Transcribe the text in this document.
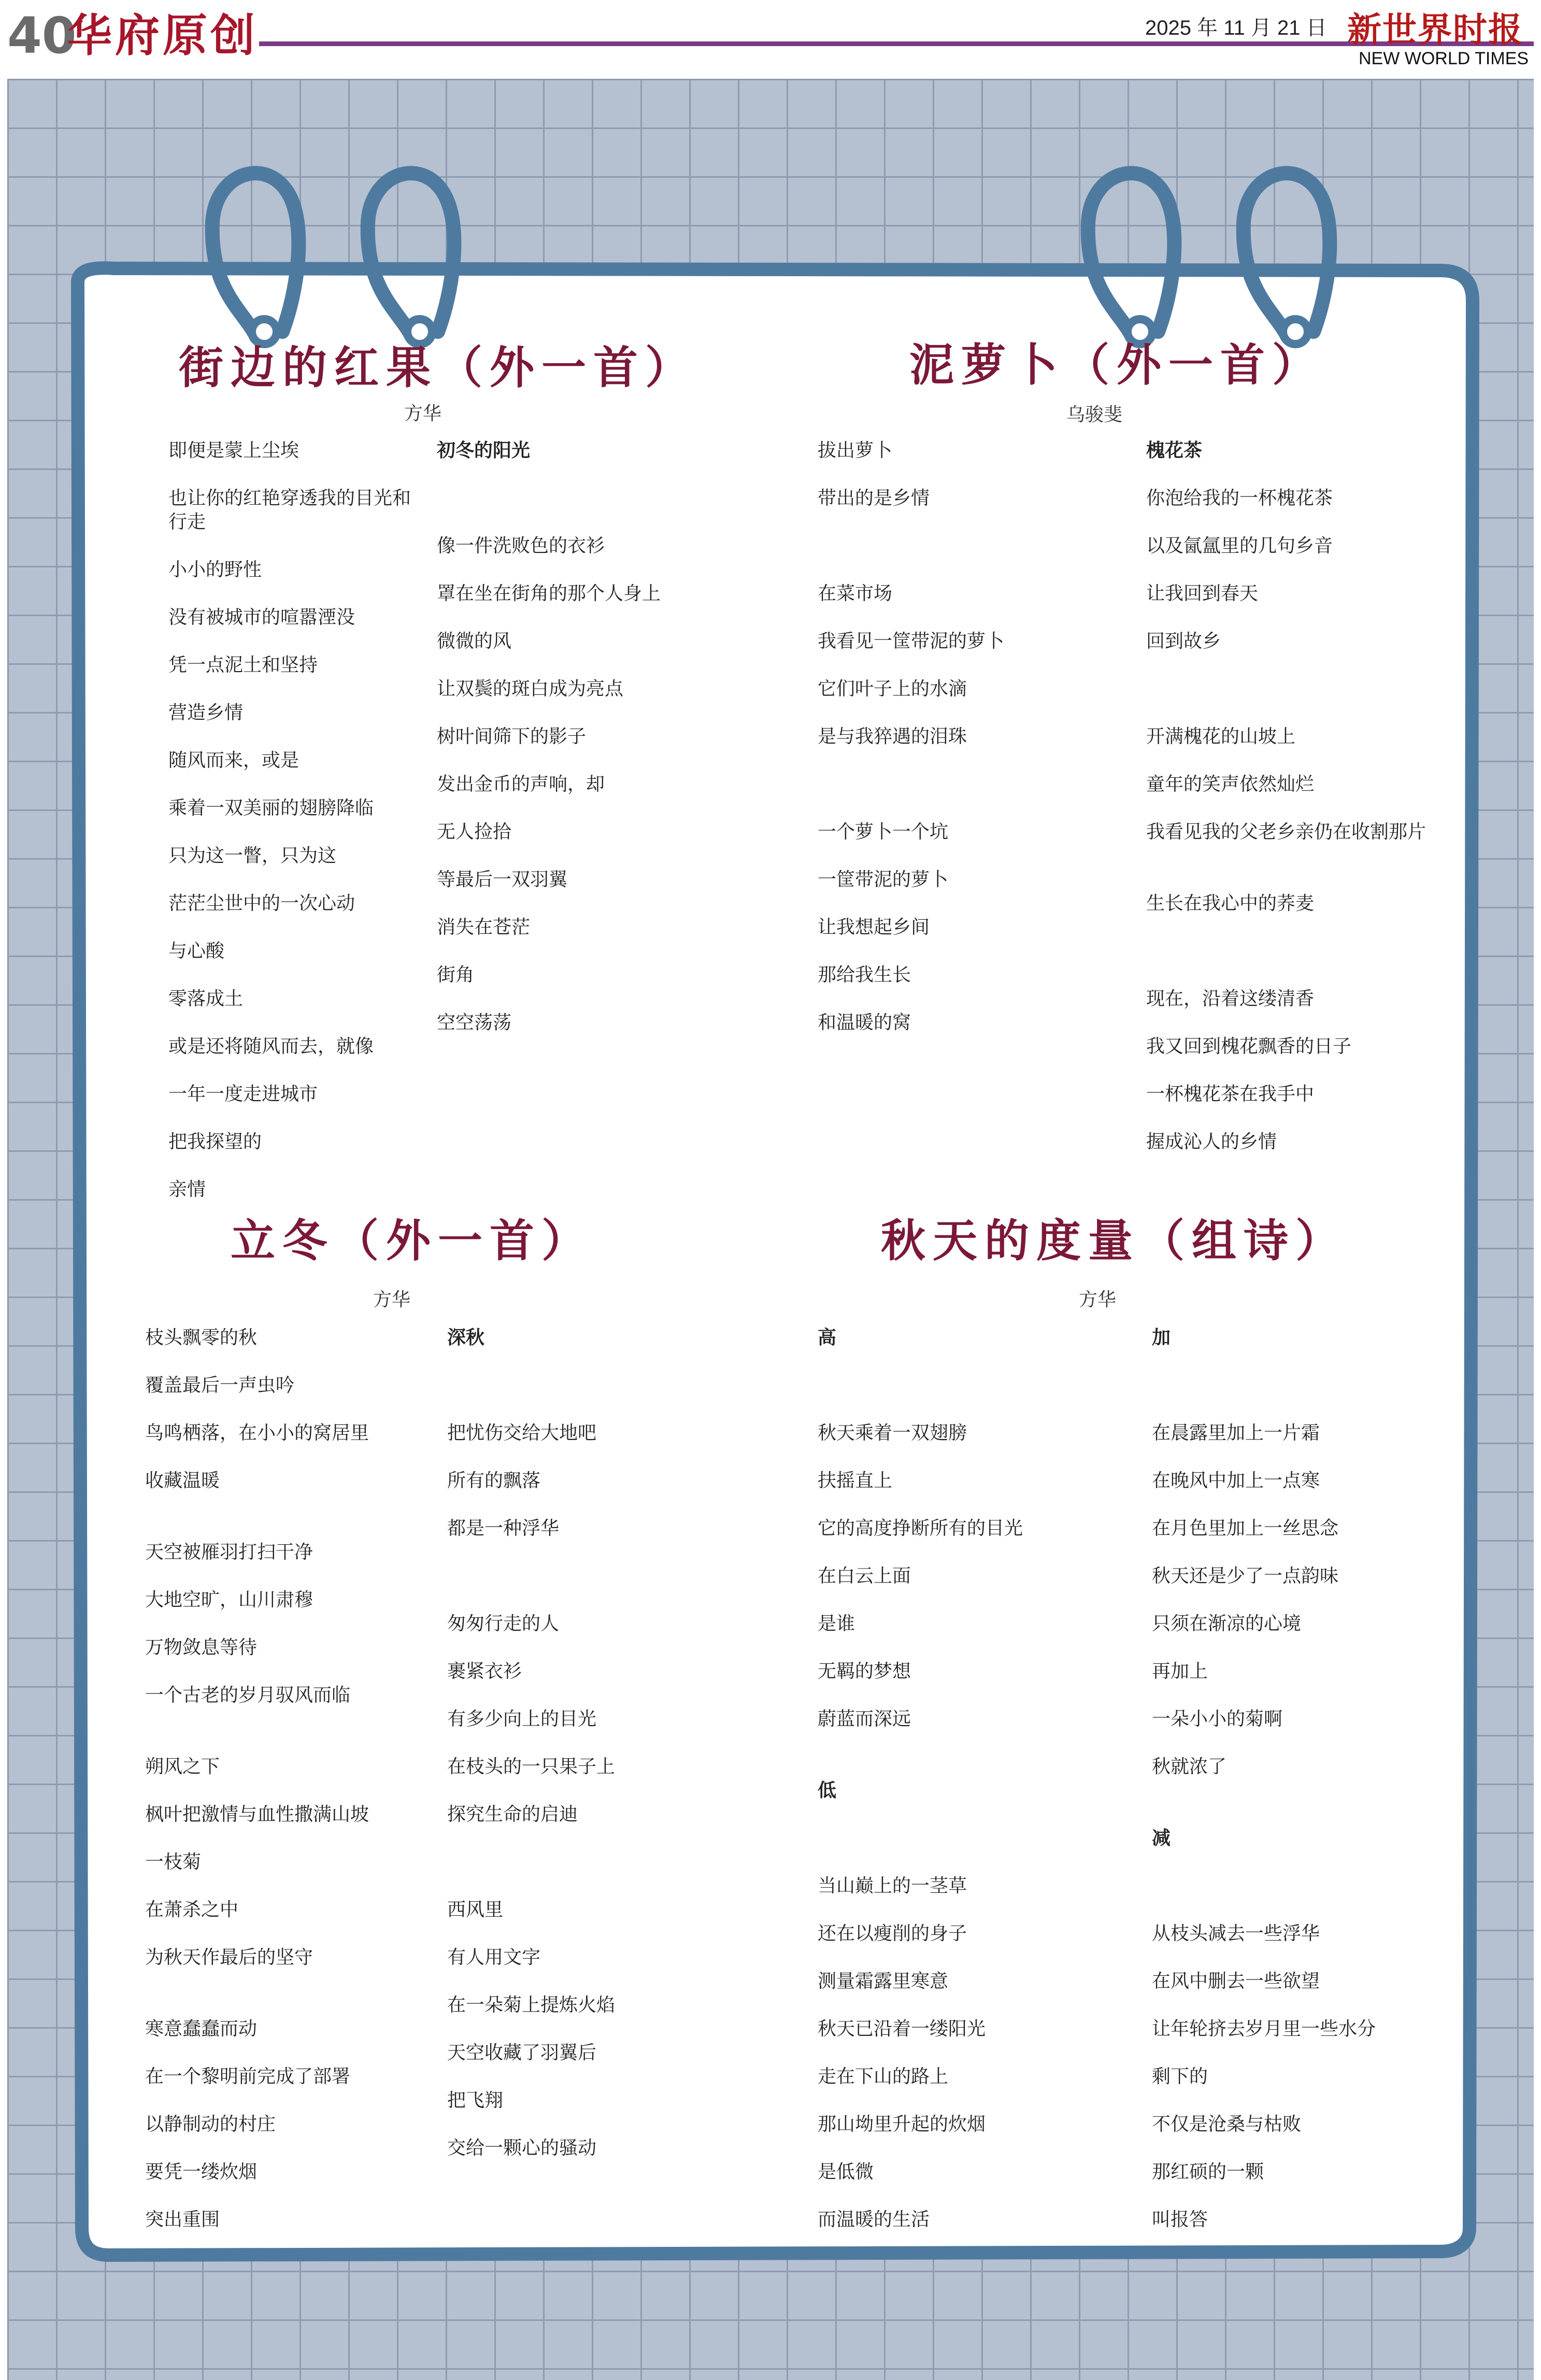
40
华府原创	2025 年 11 月 21 日 新世界时报
NEW WORLD TIMES
街边的红果（外一首）
方华
即便是蒙上尘埃
也让你的红艳穿透我的目光和行走
小小的野性
没有被城市的喧嚣湮没
凭一点泥土和坚持
营造乡情
随风而来，或是
乘着一双美丽的翅膀降临
只为这一瞥，只为这
茫茫尘世中的一次心动
与心酸
零落成土
或是还将随风而去，就像
一年一度走进城市
把我探望的
亲情
初冬的阳光
像一件洗败色的衣衫
罩在坐在街角的那个人身上
微微的风
让双鬓的斑白成为亮点
树叶间筛下的影子
发出金币的声响，却
无人捡拾
等最后一双羽翼
消失在苍茫
街角
空空荡荡
泥萝卜（外一首）
乌骏斐
拔出萝卜
带出的是乡情
在菜市场
我看见一筐带泥的萝卜
它们叶子上的水滴
是与我猝遇的泪珠
一个萝卜一个坑
一筐带泥的萝卜
让我想起乡间
那给我生长
和温暖的窝
槐花茶
你泡给我的一杯槐花茶
以及氤氲里的几句乡音
让我回到春天
回到故乡
开满槐花的山坡上
童年的笑声依然灿烂
我看见我的父老乡亲仍在收割那片
生长在我心中的荞麦
现在，沿着这缕清香
我又回到槐花飘香的日子
一杯槐花茶在我手中
握成沁人的乡情
立冬（外一首）
方华
枝头飘零的秋
覆盖最后一声虫吟
鸟鸣栖落，在小小的窝居里
收藏温暖
天空被雁羽打扫干净
大地空旷，山川肃穆
万物敛息等待
一个古老的岁月驭风而临
朔风之下
枫叶把激情与血性撒满山坡
一枝菊
在萧杀之中
为秋天作最后的坚守
寒意蠢蠢而动
在一个黎明前完成了部署
以静制动的村庄
要凭一缕炊烟
突出重围
深秋
把忧伤交给大地吧
所有的飘落
都是一种浮华
匆匆行走的人
裹紧衣衫
有多少向上的目光
在枝头的一只果子上
探究生命的启迪
西风里
有人用文字
在一朵菊上提炼火焰
天空收藏了羽翼后
把飞翔
交给一颗心的骚动
秋天的度量（组诗）
方华
高
秋天乘着一双翅膀
扶摇直上
它的高度挣断所有的目光
在白云上面
是谁
无羁的梦想
蔚蓝而深远
低
当山巅上的一茎草
还在以瘦削的身子
测量霜露里寒意
秋天已沿着一缕阳光
走在下山的路上
那山坳里升起的炊烟
是低微
而温暖的生活
加
在晨露里加上一片霜
在晚风中加上一点寒
在月色里加上一丝思念
秋天还是少了一点韵味
只须在渐凉的心境
再加上
一朵小小的菊啊
秋就浓了
减
从枝头减去一些浮华
在风中删去一些欲望
让年轮挤去岁月里一些水分
剩下的
不仅是沧桑与枯败
那红硕的一颗
叫报答
